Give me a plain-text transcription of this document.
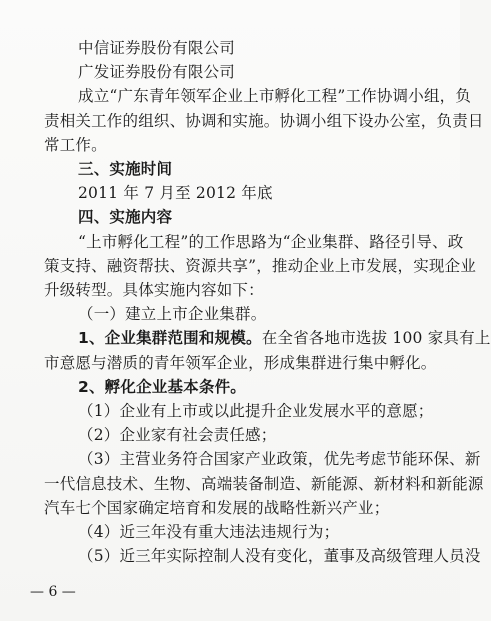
中信证券股份有限公司
广发证券股份有限公司
成立“广东青年领军企业上市孵化工程”工作协调小组，负
责相关工作的组织、协调和实施。协调小组下设办公室，负责日
常工作。
三、实施时间
2011 年 7 月至 2012 年底
四、实施内容
“上市孵化工程”的工作思路为“企业集群、路径引导、政
策支持、融资帮扶、资源共享”，推动企业上市发展，实现企业
升级转型。具体实施内容如下：
（一）建立上市企业集群。
1、企业集群范围和规模。在全省各地市选拔 100 家具有上
市意愿与潜质的青年领军企业，形成集群进行集中孵化。
2、孵化企业基本条件。
（1）企业有上市或以此提升企业发展水平的意愿；
（2）企业家有社会责任感；
（3）主营业务符合国家产业政策，优先考虑节能环保、新
一代信息技术、生物、高端装备制造、新能源、新材料和新能源
汽车七个国家确定培育和发展的战略性新兴产业；
（4）近三年没有重大违法违规行为；
（5）近三年实际控制人没有变化，董事及高级管理人员没
— 6 —
